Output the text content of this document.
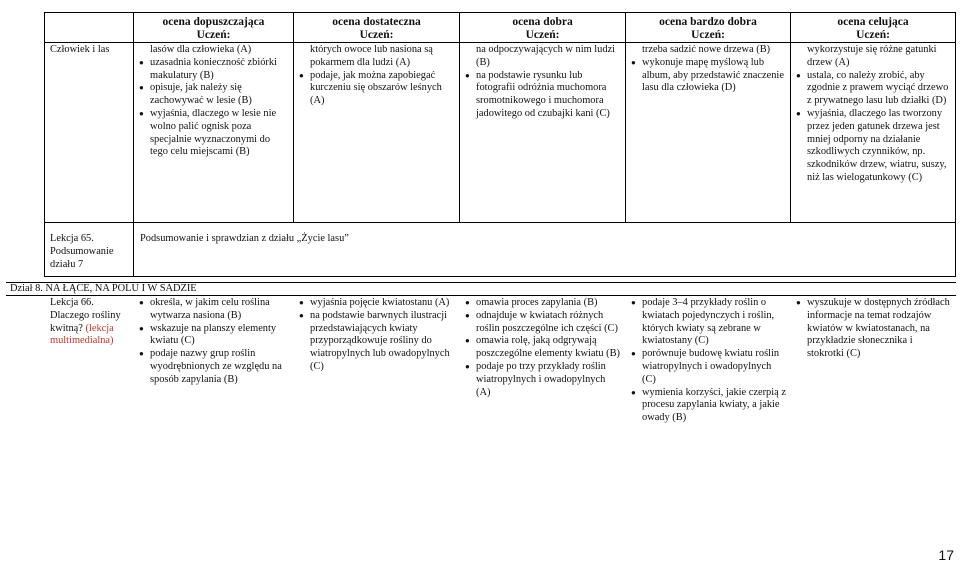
ocena dopuszczająca
Uczeń:
ocena dostateczna
Uczeń:
ocena dobra
Uczeń:
ocena bardzo dobra
Uczeń:
ocena celująca
Uczeń:
Człowiek i las	lasów dla człowieka (A)
● uzasadnia konieczność zbiórki makulatury (B)
● opisuje, jak należy się zachowywać w lesie (B)
● wyjaśnia, dlaczego w lesie nie wolno palić ognisk poza specjalnie wyznaczonymi do tego celu miejscami (B)
których owoce lub nasiona są pokarmem dla ludzi (A)
● podaje, jak można zapobiegać kurczeniu się obszarów leśnych (A)
na odpoczywających w nim ludzi (B)
● na podstawie rysunku lub fotografii odróżnia muchomora sromotnikowego i muchomora jadowitego od czubajki kani (C)
trzeba sadzić nowe drzewa (B)
● wykonuje mapę myślową lub album, aby przedstawić znaczenie lasu dla człowieka (D)
wykorzystuje się różne gatunki drzew (A)
● ustala, co należy zrobić, aby zgodnie z prawem wyciąć drzewo z prywatnego lasu lub działki (D)
● wyjaśnia, dlaczego las tworzony przez jeden gatunek drzewa jest mniej odporny na działanie szkodliwych czynników, np. szkodników drzew, wiatru, suszy, niż las wielogatunkowy (C)
Lekcja 65. Podsumowanie działu 7
Podsumowanie i sprawdzian z działu „Życie lasu”
Dział 8. NA ŁĄCE, NA POLU I W SADZIE
Lekcja 66. Dlaczego rośliny kwitną? (lekcja multimedialna)
● określa, w jakim celu roślina wytwarza nasiona (B)
● wskazuje na planszy elementy kwiatu (C)
● podaje nazwy grup roślin wyodrębnionych ze względu na sposób zapylania (B)
● wyjaśnia pojęcie kwiatostanu (A)
● na podstawie barwnych ilustracji przedstawiających kwiaty przyporządkowuje rośliny do wiatropylnych lub owadopylnych (C)
● omawia proces zapylania (B)
● odnajduje w kwiatach różnych roślin poszczególne ich części (C)
● omawia rolę, jaką odgrywają poszczególne elementy kwiatu (B)
● podaje po trzy przykłady roślin wiatropylnych i owadopylnych (A)
● podaje 3–4 przykłady roślin o kwiatach pojedynczych i roślin, których kwiaty są zebrane w kwiatostany (C)
● porównuje budowę kwiatu roślin wiatropylnych i owadopylnych (C)
● wymienia korzyści, jakie czerpią z procesu zapylania kwiaty, a jakie owady (B)
● wyszukuje w dostępnych źródłach informacje na temat rodzajów kwiatów w kwiatostanach, na przykładzie słonecznika i stokrotki (C)
17
